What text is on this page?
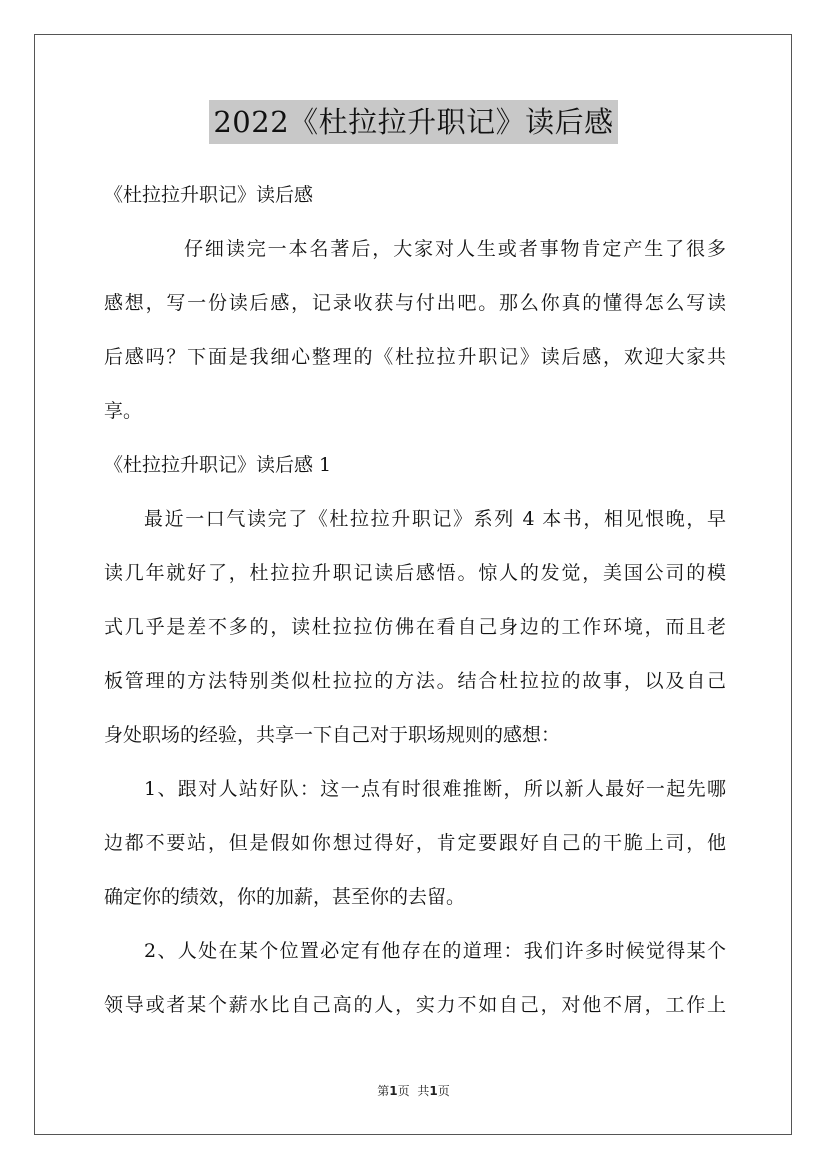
2022《杜拉拉升职记》读后感
《杜拉拉升职记》读后感
仔细读完一本名著后，大家对人生或者事物肯定产生了很多
感想，写一份读后感，记录收获与付出吧。那么你真的懂得怎么写读
后感吗？下面是我细心整理的《杜拉拉升职记》读后感，欢迎大家共
享。
《杜拉拉升职记》读后感 1
最近一口气读完了《杜拉拉升职记》系列 4 本书，相见恨晚，早
读几年就好了，杜拉拉升职记读后感悟。惊人的发觉，美国公司的模
式几乎是差不多的，读杜拉拉仿佛在看自己身边的工作环境，而且老
板管理的方法特别类似杜拉拉的方法。结合杜拉拉的故事，以及自己
身处职场的经验，共享一下自己对于职场规则的感想：
1、跟对人站好队：这一点有时很难推断，所以新人最好一起先哪
边都不要站，但是假如你想过得好，肯定要跟好自己的干脆上司，他
确定你的绩效，你的加薪，甚至你的去留。
2、人处在某个位置必定有他存在的道理：我们许多时候觉得某个
领导或者某个薪水比自己高的人，实力不如自己，对他不屑，工作上
第1页 共1页
